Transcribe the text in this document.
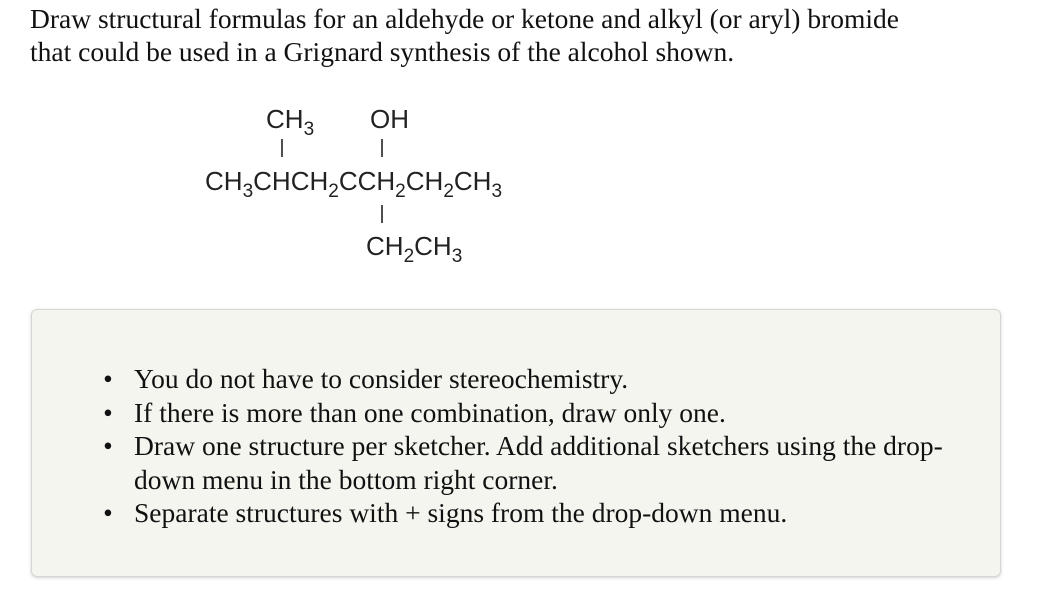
Draw structural formulas for an aldehyde or ketone and alkyl (or aryl) bromide
that could be used in a Grignard synthesis of the alcohol shown.
$CH_3$ OH
$CH_3CHCH_2CCH_2CH_2CH_3$
$CH_2CH_3$
• You do not have to consider stereochemistry.
• If there is more than one combination, draw only one.
• Draw one structure per sketcher. Add additional sketchers using the drop-down menu in the bottom right corner.
• Separate structures with + signs from the drop-down menu.
